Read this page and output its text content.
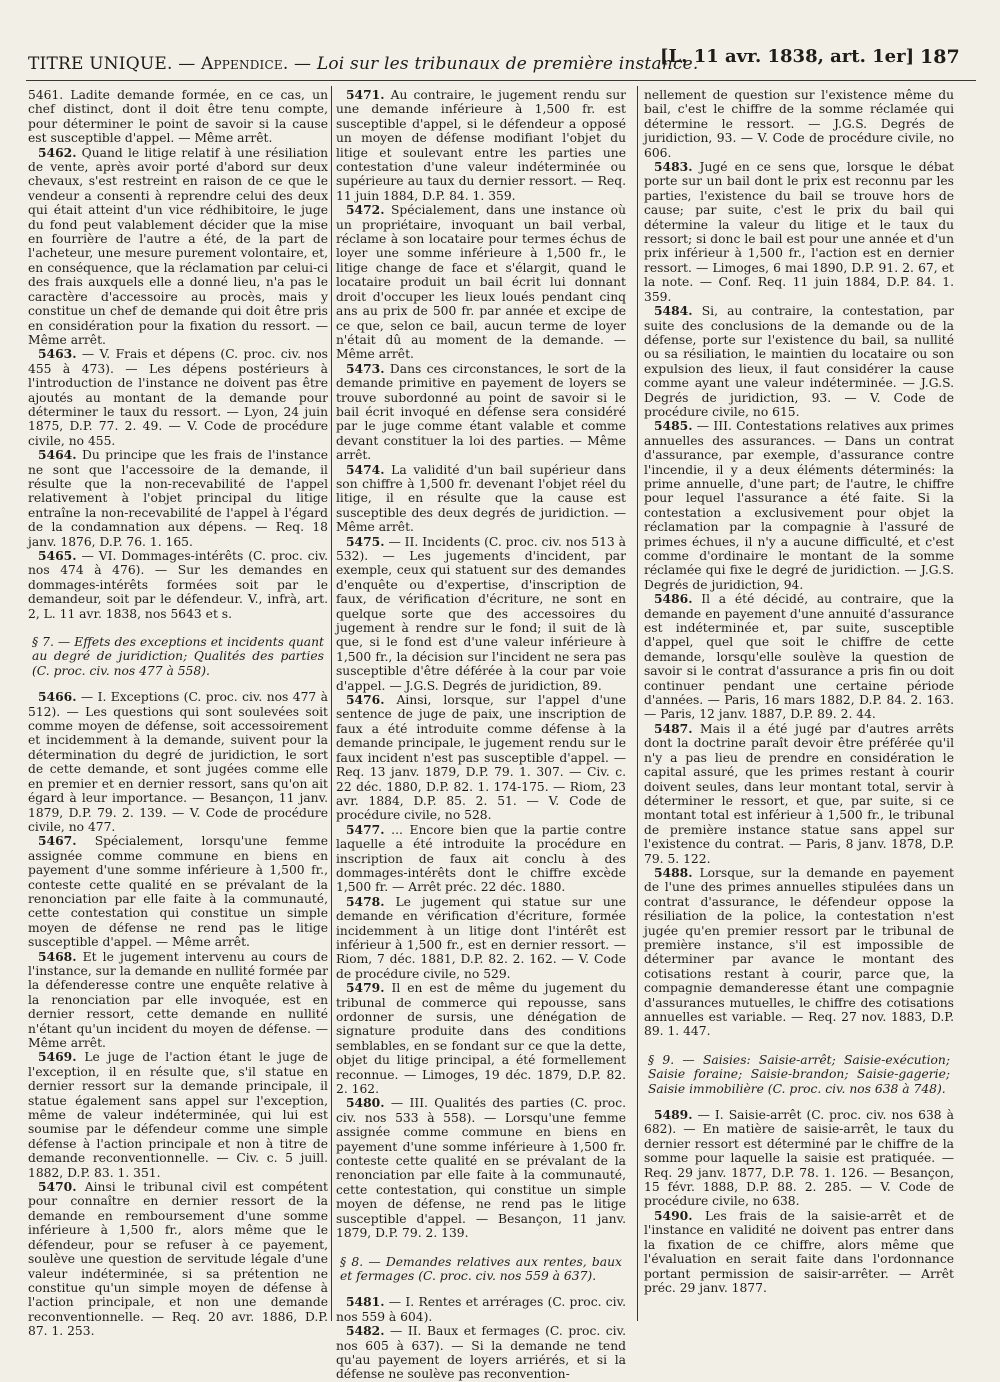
TITRE UNIQUE. — Appendice. — Loi sur les tribunaux de première instance.
[L. 11 avr. 1838, art. 1er] 187

5461. Ladite demande formée, en ce cas, un chef distinct, dont il doit être tenu compte, pour déterminer le point de savoir si la cause est susceptible d'appel. — Même arrêt.

5462. Quand le litige relatif à une résiliation de vente, après avoir porté d'abord sur deux chevaux, s'est restreint en raison de ce que le vendeur a consenti à reprendre celui des deux qui était atteint d'un vice rédhibitoire, le juge du fond peut valablement décider que la mise en fourrière de l'autre a été, de la part de l'acheteur, une mesure purement volontaire, et, en conséquence, que la réclamation par celui-ci des frais auxquels elle a donné lieu, n'a pas le caractère d'accessoire au procès, mais y constitue un chef de demande qui doit être pris en considération pour la fixation du ressort. — Même arrêt.

5463. — V. Frais et dépens (C. proc. civ. nos 455 à 473). — Les dépens postérieurs à l'introduction de l'instance ne doivent pas être ajoutés au montant de la demande pour déterminer le taux du ressort. — Lyon, 24 juin 1875, D.P. 77. 2. 49. — V. Code de procédure civile, no 455.

5464. Du principe que les frais de l'instance ne sont que l'accessoire de la demande, il résulte que la non-recevabilité de l'appel relativement à l'objet principal du litige entraîne la non-recevabilité de l'appel à l'égard de la condamnation aux dépens. — Req. 18 janv. 1876, D.P. 76. 1. 165.

5465. — VI. Dommages-intérêts (C. proc. civ. nos 474 à 476). — Sur les demandes en dommages-intérêts formées soit par le demandeur, soit par le défendeur. V., infrà, art. 2, L. 11 avr. 1838, nos 5643 et s.

§ 7. — Effets des exceptions et incidents quant au degré de juridiction; Qualités des parties (C. proc. civ. nos 477 à 558).

5466. — I. Exceptions (C. proc. civ. nos 477 à 512). — Les questions qui sont soulevées soit comme moyen de défense, soit accessoirement et incidemment à la demande, suivent pour la détermination du degré de juridiction, le sort de cette demande, et sont jugées comme elle en premier et en dernier ressort, sans qu'on ait égard à leur importance. — Besançon, 11 janv. 1879, D.P. 79. 2. 139. — V. Code de procédure civile, no 477.

5467. Spécialement, lorsqu'une femme assignée comme commune en biens en payement d'une somme inférieure à 1,500 fr., conteste cette qualité en se prévalant de la renonciation par elle faite à la communauté, cette contestation qui constitue un simple moyen de défense ne rend pas le litige susceptible d'appel. — Même arrêt.

5468. Et le jugement intervenu au cours de l'instance, sur la demande en nullité formée par la défenderesse contre une enquête relative à la renonciation par elle invoquée, est en dernier ressort, cette demande en nullité n'étant qu'un incident du moyen de défense. — Même arrêt.

5469. Le juge de l'action étant le juge de l'exception, il en résulte que, s'il statue en dernier ressort sur la demande principale, il statue également sans appel sur l'exception, même de valeur indéterminée, qui lui est soumise par le défendeur comme une simple défense à l'action principale et non à titre de demande reconventionnelle. — Civ. c. 5 juill. 1882, D.P. 83. 1. 351.

5470. Ainsi le tribunal civil est compétent pour connaître en dernier ressort de la demande en remboursement d'une somme inférieure à 1,500 fr., alors même que le défendeur, pour se refuser à ce payement, soulève une question de servitude légale d'une valeur indéterminée, si sa prétention ne constitue qu'un simple moyen de défense à l'action principale, et non une demande reconventionnelle. — Req. 20 avr. 1886, D.P. 87. 1. 253.

5471. Au contraire, le jugement rendu sur une demande inférieure à 1,500 fr. est susceptible d'appel, si le défendeur a opposé un moyen de défense modifiant l'objet du litige et soulevant entre les parties une contestation d'une valeur indéterminée ou supérieure au taux du dernier ressort. — Req. 11 juin 1884, D.P. 84. 1. 359.

5472. Spécialement, dans une instance où un propriétaire, invoquant un bail verbal, réclame à son locataire pour termes échus de loyer une somme inférieure à 1,500 fr., le litige change de face et s'élargit, quand le locataire produit un bail écrit lui donnant droit d'occuper les lieux loués pendant cinq ans au prix de 500 fr. par année et excipe de ce que, selon ce bail, aucun terme de loyer n'était dû au moment de la demande. — Même arrêt.

5473. Dans ces circonstances, le sort de la demande primitive en payement de loyers se trouve subordonné au point de savoir si le bail écrit invoqué en défense sera considéré par le juge comme étant valable et comme devant constituer la loi des parties. — Même arrêt.

5474. La validité d'un bail supérieur dans son chiffre à 1,500 fr. devenant l'objet réel du litige, il en résulte que la cause est susceptible des deux degrés de juridiction. — Même arrêt.

5475. — II. Incidents (C. proc. civ. nos 513 à 532). — Les jugements d'incident, par exemple, ceux qui statuent sur des demandes d'enquête ou d'expertise, d'inscription de faux, de vérification d'écriture, ne sont en quelque sorte que des accessoires du jugement à rendre sur le fond; il suit de là que, si le fond est d'une valeur inférieure à 1,500 fr., la décision sur l'incident ne sera pas susceptible d'être déférée à la cour par voie d'appel. — J.G.S. Degrés de juridiction, 89.

5476. Ainsi, lorsque, sur l'appel d'une sentence de juge de paix, une inscription de faux a été introduite comme défense à la demande principale, le jugement rendu sur le faux incident n'est pas susceptible d'appel. — Req. 13 janv. 1879, D.P. 79. 1. 307. — Civ. c. 22 déc. 1880, D.P. 82. 1. 174-175. — Riom, 23 avr. 1884, D.P. 85. 2. 51. — V. Code de procédure civile, no 528.

5477. ... Encore bien que la partie contre laquelle a été introduite la procédure en inscription de faux ait conclu à des dommages-intérêts dont le chiffre excède 1,500 fr. — Arrêt préc. 22 déc. 1880.

5478. Le jugement qui statue sur une demande en vérification d'écriture, formée incidemment à un litige dont l'intérêt est inférieur à 1,500 fr., est en dernier ressort. — Riom, 7 déc. 1881, D.P. 82. 2. 162. — V. Code de procédure civile, no 529.

5479. Il en est de même du jugement du tribunal de commerce qui repousse, sans ordonner de sursis, une dénégation de signature produite dans des conditions semblables, en se fondant sur ce que la dette, objet du litige principal, a été formellement reconnue. — Limoges, 19 déc. 1879, D.P. 82. 2. 162.

5480. — III. Qualités des parties (C. proc. civ. nos 533 à 558). — Lorsqu'une femme assignée comme commune en biens en payement d'une somme inférieure à 1,500 fr. conteste cette qualité en se prévalant de la renonciation par elle faite à la communauté, cette contestation, qui constitue un simple moyen de défense, ne rend pas le litige susceptible d'appel. — Besançon, 11 janv. 1879, D.P. 79. 2. 139.

§ 8. — Demandes relatives aux rentes, baux et fermages (C. proc. civ. nos 559 à 637).

5481. — I. Rentes et arrérages (C. proc. civ. nos 559 à 604).

5482. — II. Baux et fermages (C. proc. civ. nos 605 à 637). — Si la demande ne tend qu'au payement de loyers arriérés, et si la défense ne soulève pas reconvention-

nellement de question sur l'existence même du bail, c'est le chiffre de la somme réclamée qui détermine le ressort. — J.G.S. Degrés de juridiction, 93. — V. Code de procédure civile, no 606.

5483. Jugé en ce sens que, lorsque le débat porte sur un bail dont le prix est reconnu par les parties, l'existence du bail se trouve hors de cause; par suite, c'est le prix du bail qui détermine la valeur du litige et le taux du ressort; si donc le bail est pour une année et d'un prix inférieur à 1,500 fr., l'action est en dernier ressort. — Limoges, 6 mai 1890, D.P. 91. 2. 67, et la note. — Conf. Req. 11 juin 1884, D.P. 84. 1. 359.

5484. Si, au contraire, la contestation, par suite des conclusions de la demande ou de la défense, porte sur l'existence du bail, sa nullité ou sa résiliation, le maintien du locataire ou son expulsion des lieux, il faut considérer la cause comme ayant une valeur indéterminée. — J.G.S. Degrés de juridiction, 93. — V. Code de procédure civile, no 615.

5485. — III. Contestations relatives aux primes annuelles des assurances. — Dans un contrat d'assurance, par exemple, d'assurance contre l'incendie, il y a deux éléments déterminés: la prime annuelle, d'une part; de l'autre, le chiffre pour lequel l'assurance a été faite. Si la contestation a exclusivement pour objet la réclamation par la compagnie à l'assuré de primes échues, il n'y a aucune difficulté, et c'est comme d'ordinaire le montant de la somme réclamée qui fixe le degré de juridiction. — J.G.S. Degrés de juridiction, 94.

5486. Il a été décidé, au contraire, que la demande en payement d'une annuité d'assurance est indéterminée et, par suite, susceptible d'appel, quel que soit le chiffre de cette demande, lorsqu'elle soulève la question de savoir si le contrat d'assurance a pris fin ou doit continuer pendant une certaine période d'années. — Paris, 16 mars 1882, D.P. 84. 2. 163. — Paris, 12 janv. 1887, D.P. 89. 2. 44.

5487. Mais il a été jugé par d'autres arrêts dont la doctrine paraît devoir être préférée qu'il n'y a pas lieu de prendre en considération le capital assuré, que les primes restant à courir doivent seules, dans leur montant total, servir à déterminer le ressort, et que, par suite, si ce montant total est inférieur à 1,500 fr., le tribunal de première instance statue sans appel sur l'existence du contrat. — Paris, 8 janv. 1878, D.P. 79. 5. 122.

5488. Lorsque, sur la demande en payement de l'une des primes annuelles stipulées dans un contrat d'assurance, le défendeur oppose la résiliation de la police, la contestation n'est jugée qu'en premier ressort par le tribunal de première instance, s'il est impossible de déterminer par avance le montant des cotisations restant à courir, parce que, la compagnie demanderesse étant une compagnie d'assurances mutuelles, le chiffre des cotisations annuelles est variable. — Req. 27 nov. 1883, D.P. 89. 1. 447.

§ 9. — Saisies: Saisie-arrêt; Saisie-exécution; Saisie foraine; Saisie-brandon; Saisie-gagerie; Saisie immobilière (C. proc. civ. nos 638 à 748).

5489. — I. Saisie-arrêt (C. proc. civ. nos 638 à 682). — En matière de saisie-arrêt, le taux du dernier ressort est déterminé par le chiffre de la somme pour laquelle la saisie est pratiquée. — Req. 29 janv. 1877, D.P. 78. 1. 126. — Besançon, 15 févr. 1888, D.P. 88. 2. 285. — V. Code de procédure civile, no 638.

5490. Les frais de la saisie-arrêt et de l'instance en validité ne doivent pas entrer dans la fixation de ce chiffre, alors même que l'évaluation en serait faite dans l'ordonnance portant permission de saisir-arrêter. — Arrêt préc. 29 janv. 1877.
